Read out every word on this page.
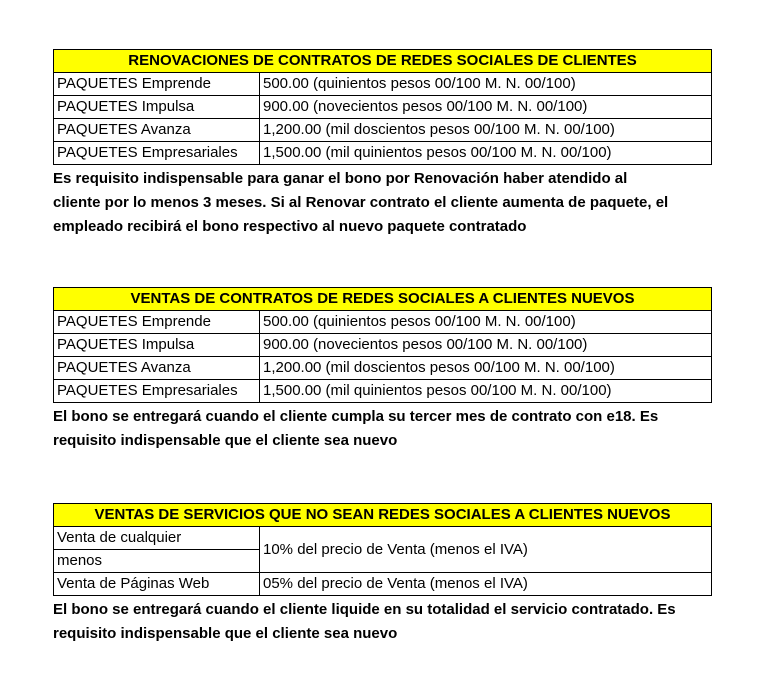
RENOVACIONES DE CONTRATOS DE REDES SOCIALES DE CLIENTES	
PAQUETES Emprende	500.00 (quinientos pesos 00/100 M. N. 00/100)
PAQUETES Impulsa	900.00 (novecientos pesos 00/100 M. N. 00/100)
PAQUETES Avanza	1,200.00 (mil doscientos pesos 00/100 M. N. 00/100)
PAQUETES Empresariales	1,500.00 (mil quinientos pesos 00/100 M. N. 00/100)
Es requisito indispensable para ganar el bono por Renovación haber atendido al
cliente por lo menos 3 meses. Si al Renovar contrato el cliente aumenta de paquete, el
empleado recibirá el bono respectivo al nuevo paquete contratado
VENTAS DE CONTRATOS DE REDES SOCIALES A CLIENTES NUEVOS	
PAQUETES Emprende	500.00 (quinientos pesos 00/100 M. N. 00/100)
PAQUETES Impulsa	900.00 (novecientos pesos 00/100 M. N. 00/100)
PAQUETES Avanza	1,200.00 (mil doscientos pesos 00/100 M. N. 00/100)
PAQUETES Empresariales	1,500.00 (mil quinientos pesos 00/100 M. N. 00/100)
El bono se entregará cuando el cliente cumpla su tercer mes de contrato con e18. Es
requisito indispensable que el cliente sea nuevo
VENTAS DE SERVICIOS QUE NO SEAN REDES SOCIALES A CLIENTES NUEVOS	
Venta de cualquier	10% del precio de Venta (menos el IVA)
menos	
Venta de Páginas Web	05% del precio de Venta (menos el IVA)
El bono se entregará cuando el cliente liquide en su totalidad el servicio contratado. Es
requisito indispensable que el cliente sea nuevo
